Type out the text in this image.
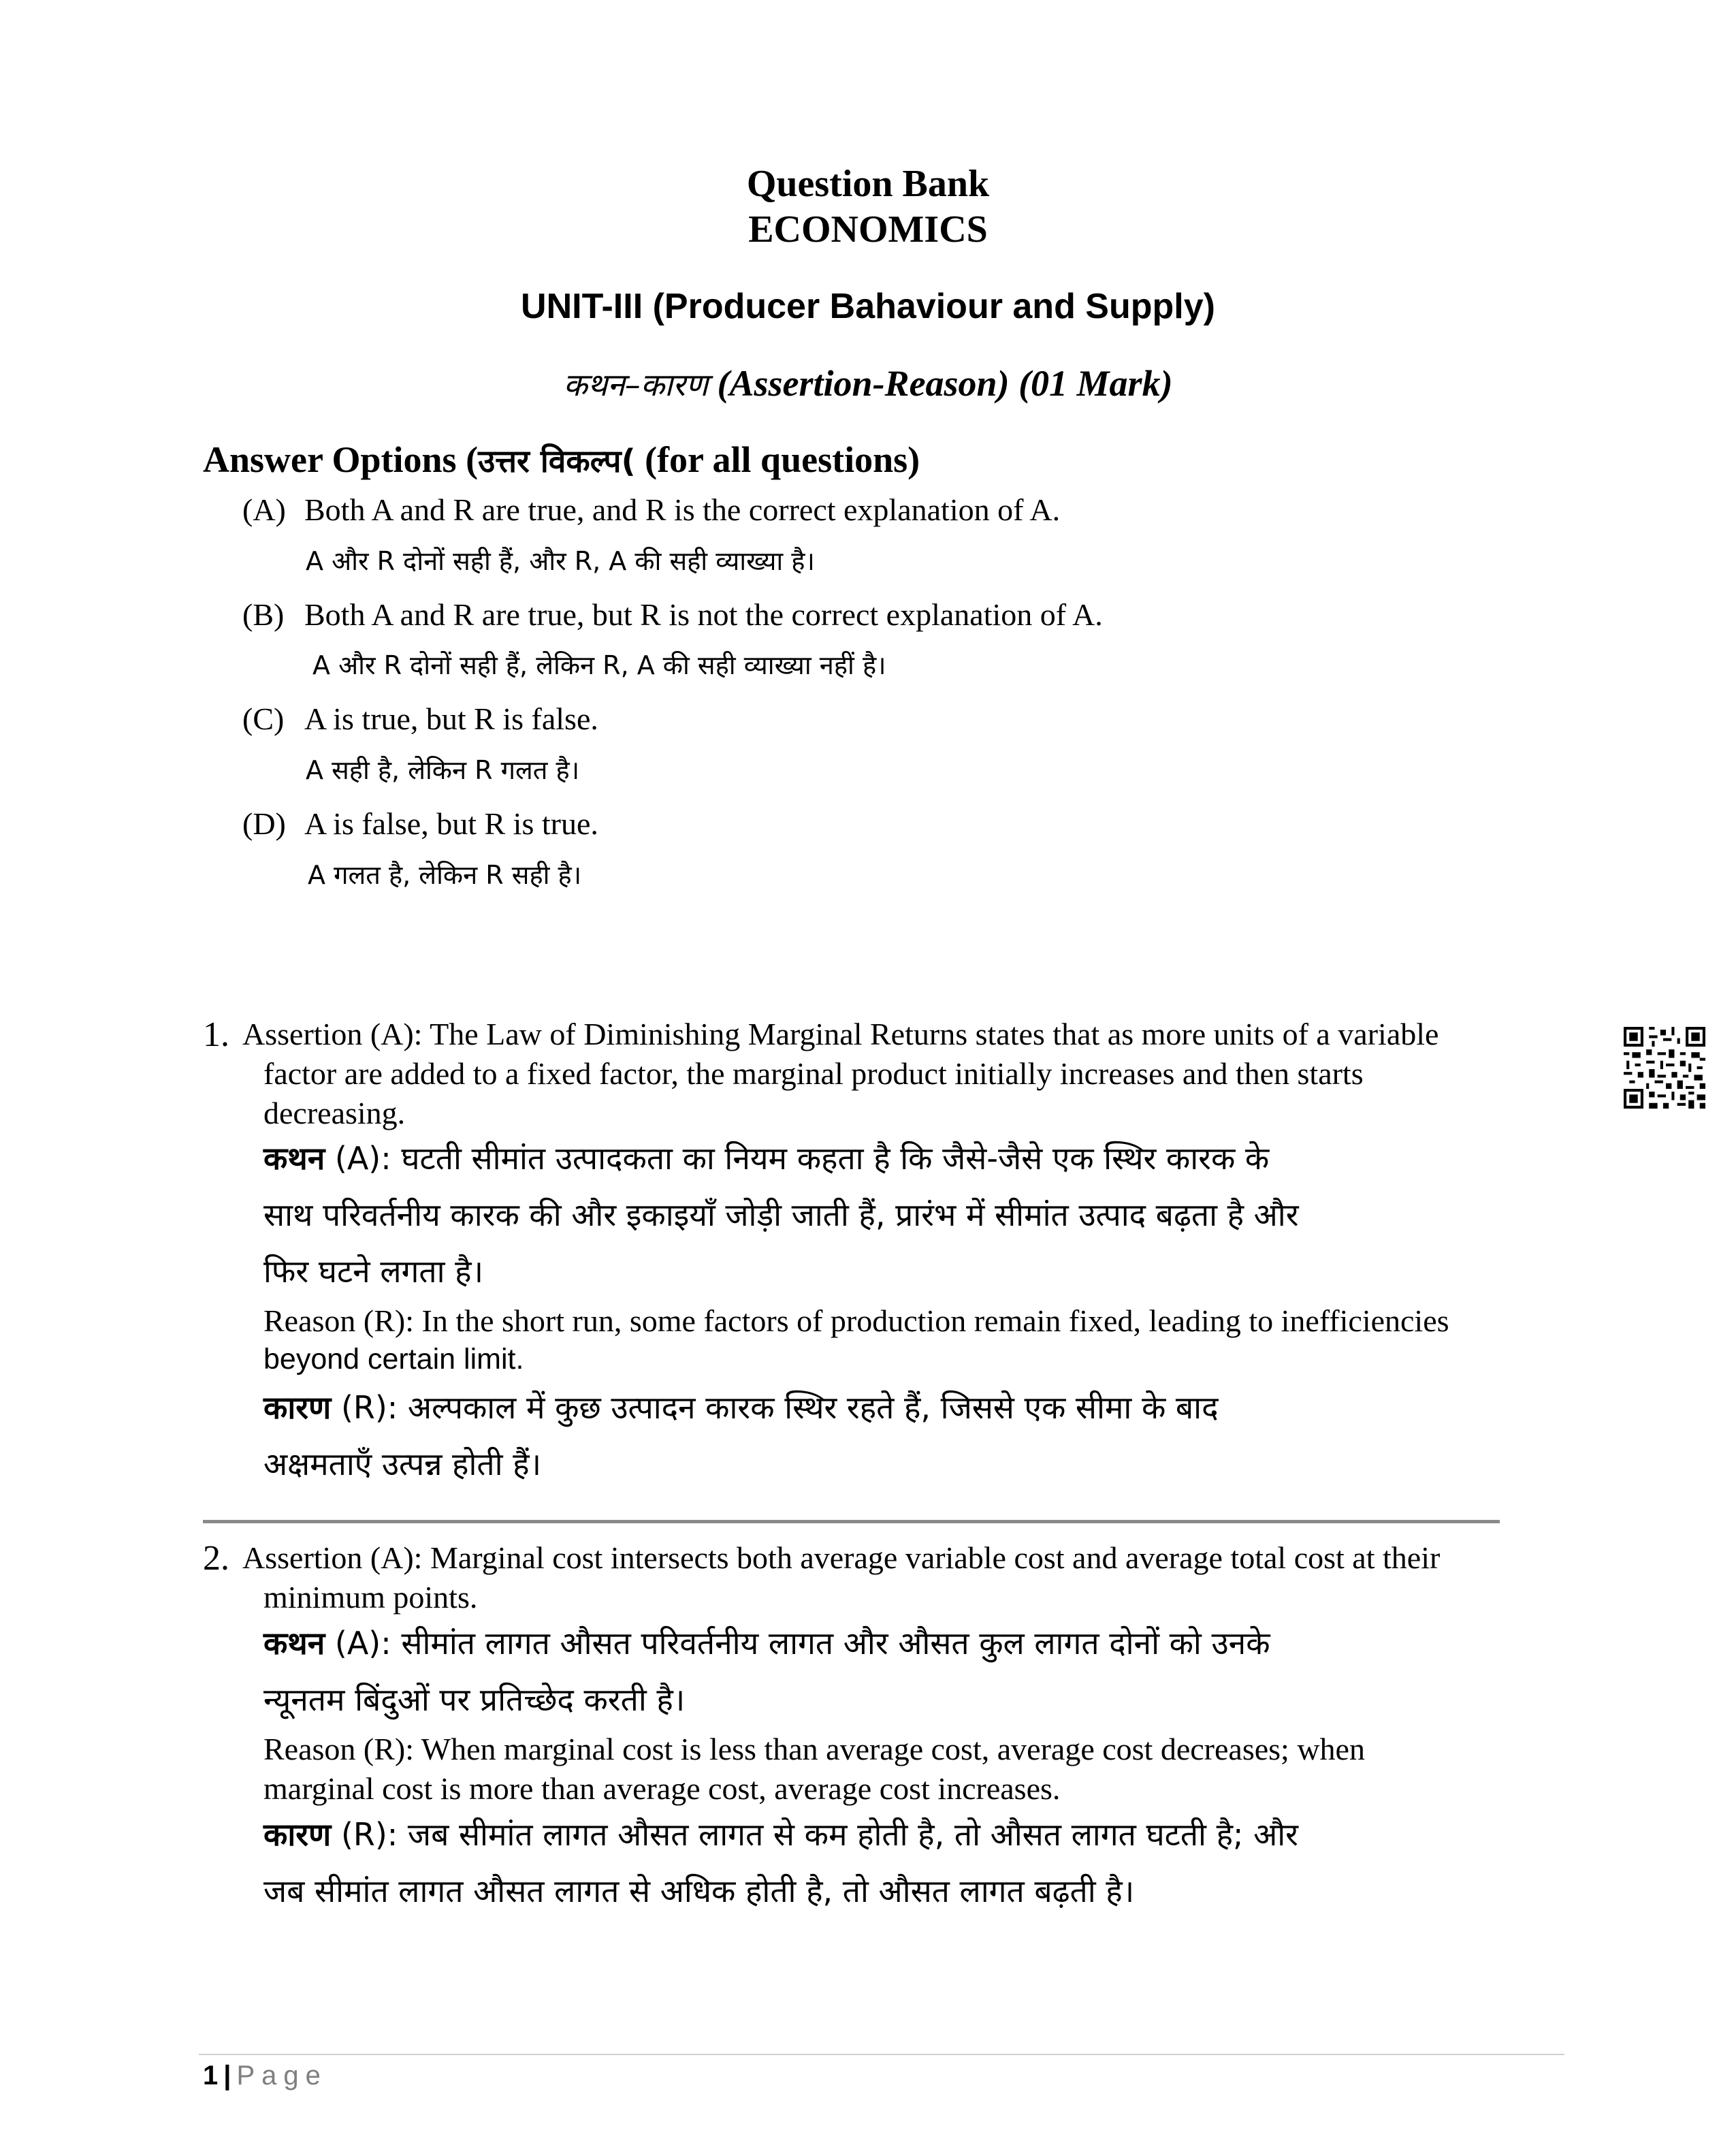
Question Bank
ECONOMICS
UNIT-III (Producer Bahaviour and Supply)
कथन–कारण (Assertion-Reason) (01 Mark)
Answer Options (उत्तर विकल्प( (for all questions)
(A) Both A and R are true, and R is the correct explanation of A.
A और R दोनों सही हैं, और R, A की सही व्याख्या है।
(B) Both A and R are true, but R is not the correct explanation of A.
A और R दोनों सही हैं, लेकिन R, A की सही व्याख्या नहीं है।
(C) A is true, but R is false.
A सही है, लेकिन R गलत है।
(D) A is false, but R is true.
A गलत है, लेकिन R सही है।
1. Assertion (A): The Law of Diminishing Marginal Returns states that as more units of a variable
factor are added to a fixed factor, the marginal product initially increases and then starts
decreasing.
कथन (A): घटती सीमांत उत्पादकता का नियम कहता है कि जैसे-जैसे एक स्थिर कारक के
साथ परिवर्तनीय कारक की और इकाइयाँ जोड़ी जाती हैं, प्रारंभ में सीमांत उत्पाद बढ़ता है और
फिर घटने लगता है।
Reason (R): In the short run, some factors of production remain fixed, leading to inefficiencies
beyond certain limit.
कारण (R): अल्पकाल में कुछ उत्पादन कारक स्थिर रहते हैं, जिससे एक सीमा के बाद
अक्षमताएँ उत्पन्न होती हैं।
2. Assertion (A): Marginal cost intersects both average variable cost and average total cost at their
minimum points.
कथन (A): सीमांत लागत औसत परिवर्तनीय लागत और औसत कुल लागत दोनों को उनके
न्यूनतम बिंदुओं पर प्रतिच्छेद करती है।
Reason (R): When marginal cost is less than average cost, average cost decreases; when
marginal cost is more than average cost, average cost increases.
कारण (R): जब सीमांत लागत औसत लागत से कम होती है, तो औसत लागत घटती है; और
जब सीमांत लागत औसत लागत से अधिक होती है, तो औसत लागत बढ़ती है।
1 | Page
